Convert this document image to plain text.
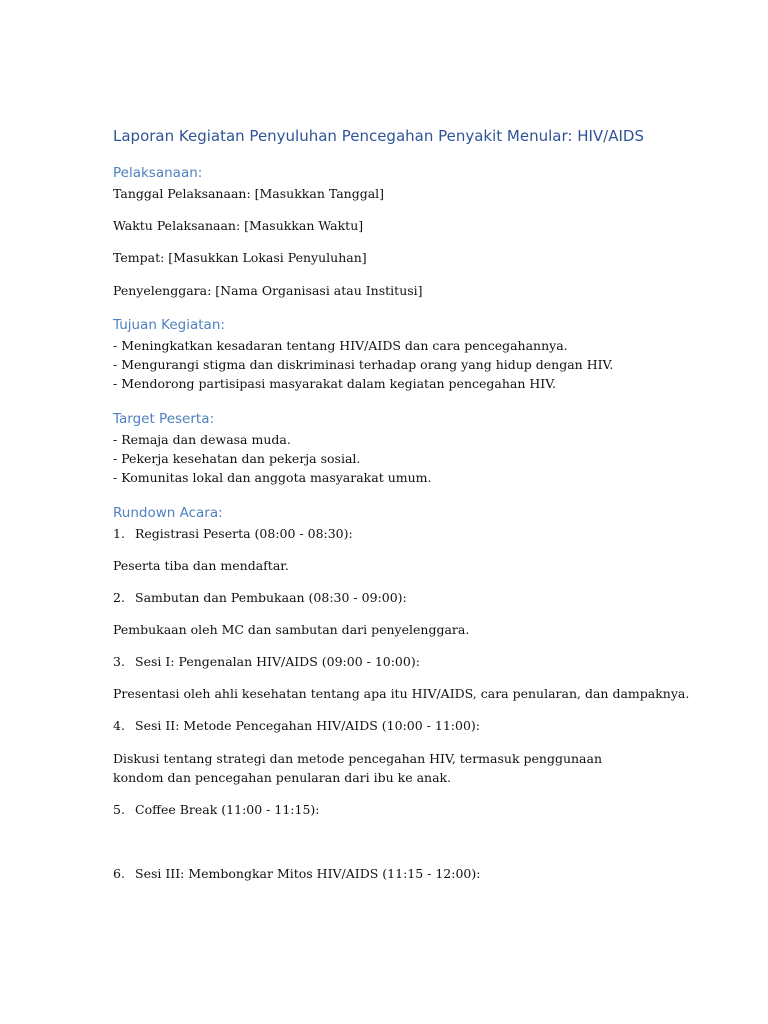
Laporan Kegiatan Penyuluhan Pencegahan Penyakit Menular: HIV/AIDS
Pelaksanaan:
Tanggal Pelaksanaan: [Masukkan Tanggal]
Waktu Pelaksanaan: [Masukkan Waktu]
Tempat: [Masukkan Lokasi Penyuluhan]
Penyelenggara: [Nama Organisasi atau Institusi]
Tujuan Kegiatan:
- Meningkatkan kesadaran tentang HIV/AIDS dan cara pencegahannya.
- Mengurangi stigma dan diskriminasi terhadap orang yang hidup dengan HIV.
- Mendorong partisipasi masyarakat dalam kegiatan pencegahan HIV.
Target Peserta:
- Remaja dan dewasa muda.
- Pekerja kesehatan dan pekerja sosial.
- Komunitas lokal dan anggota masyarakat umum.
Rundown Acara:
1. Registrasi Peserta (08:00 - 08:30):
Peserta tiba dan mendaftar.
2. Sambutan dan Pembukaan (08:30 - 09:00):
Pembukaan oleh MC dan sambutan dari penyelenggara.
3. Sesi I: Pengenalan HIV/AIDS (09:00 - 10:00):
Presentasi oleh ahli kesehatan tentang apa itu HIV/AIDS, cara penularan, dan dampaknya.
4. Sesi II: Metode Pencegahan HIV/AIDS (10:00 - 11:00):
Diskusi tentang strategi dan metode pencegahan HIV, termasuk penggunaan kondom dan pencegahan penularan dari ibu ke anak.
5. Coffee Break (11:00 - 11:15):
6. Sesi III: Membongkar Mitos HIV/AIDS (11:15 - 12:00):
